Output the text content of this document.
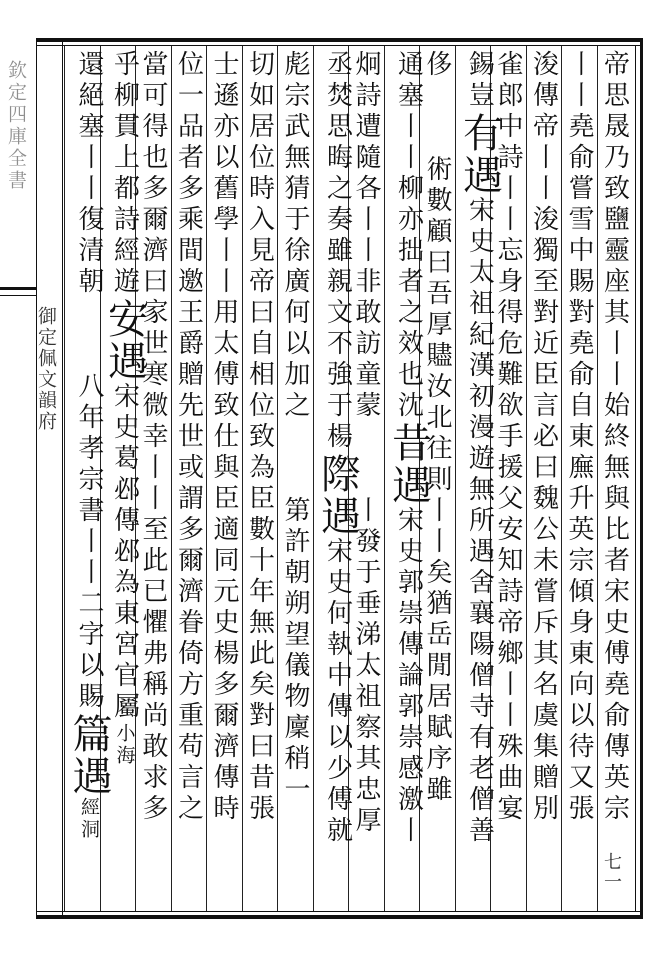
欽定四庫全書
御定佩文韻府	帝思晟乃致鹽靈座其丨丨始終無與比者宋史傅堯俞傳英宗
丨丨堯俞嘗雪中賜對堯俞自東廡升英宗傾身東向以待又張
浚傳帝丨丨浚獨至對近臣言必曰魏公未嘗斥其名虞集贈別
雀郎中詩丨丨忘身得危難欲手援父安知詩帝鄉丨丨殊曲宴
錫豈有遇宋史太祖紀漢初漫遊無所遇舍襄陽僧寺有老僧善
侈術數顧曰吾厚贐汝北往則丨丨矣猶岳閒居賦序雖
通塞丨丨柳亦拙者之效也沈昔遇宋史郭崇傳論郭崇感激丨
炯詩遭隨各丨丨非敢訪童蒙丨發于垂涕太祖察其忠厚
丞焚思晦之奏雖親文不強于楊際遇宋史何執中傳以少傅就
彪宗武無猜于徐廣何以加之第許朝朔望儀物廩稍一
切如居位時入見帝曰自相位致為臣數十年無此矣對曰昔張
士遜亦以舊學丨丨用太傅致仕與臣適同元史楊多爾濟傳時
位一品者多乘間邀王爵贈先世或謂多爾濟眷倚方重苟言之
當可得也多爾濟曰家世寒微幸丨丨至此已懼弗稱尚敢求多
乎柳貫上都詩經遊安遇宋史葛邲傳邲為東宮官屬小海
還絕塞丨丨復清朝八年孝宗書丨丨二字以賜篇遇經洞
七一
